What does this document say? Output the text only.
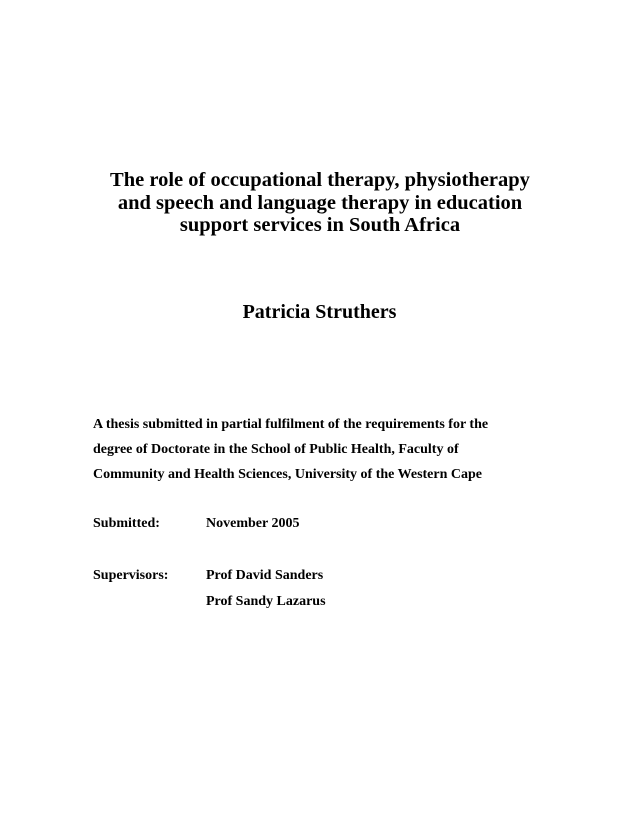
The role of occupational therapy, physiotherapy
and speech and language therapy in education
support services in South Africa
Patricia Struthers

A thesis submitted in partial fulfilment of the requirements for the
degree of Doctorate in the School of Public Health, Faculty of
Community and Health Sciences, University of the Western Cape

Submitted:	November 2005
Supervisors:	Prof David Sanders
Prof Sandy Lazarus
